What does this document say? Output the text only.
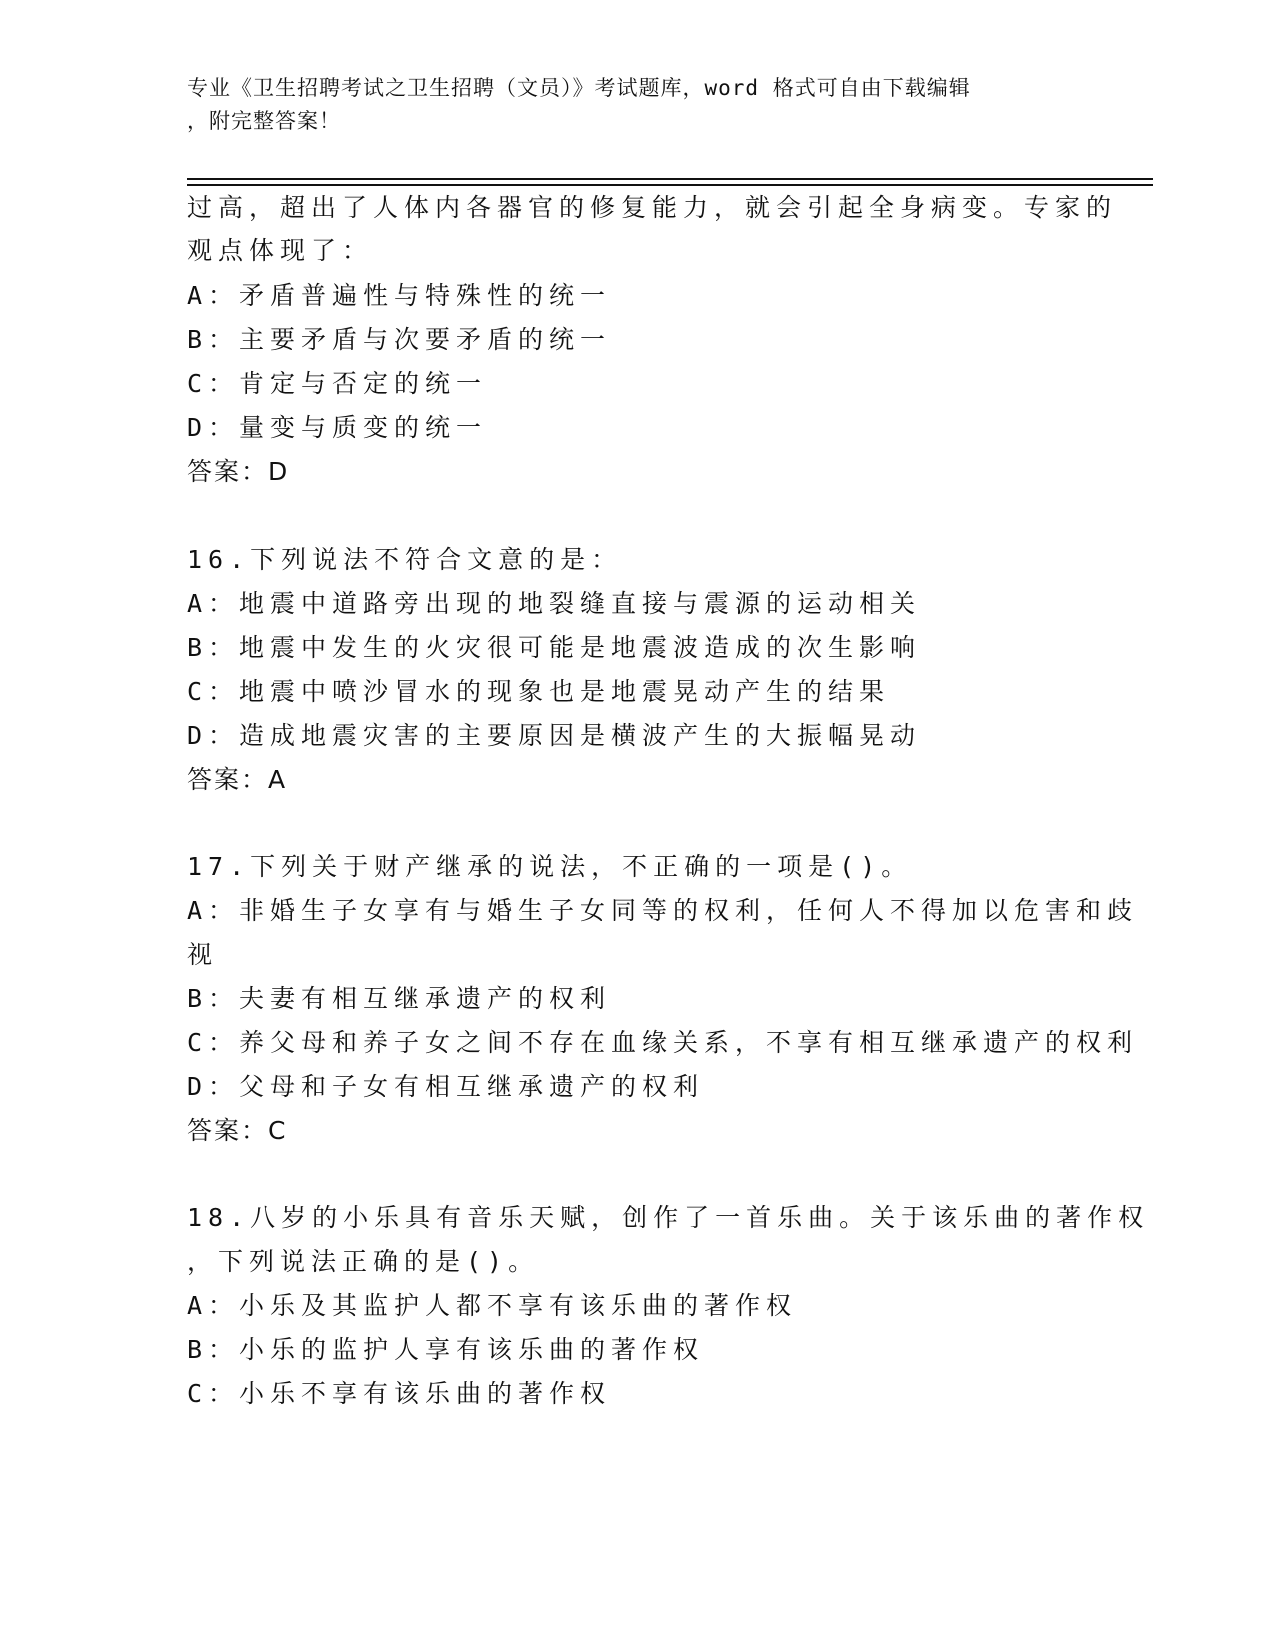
专业《卫生招聘考试之卫生招聘（文员）》考试题库，word 格式可自由下载编辑
，附完整答案！
过高，超出了人体内各器官的修复能力，就会引起全身病变。专家的
观点体现了：
A：矛盾普遍性与特殊性的统一
B：主要矛盾与次要矛盾的统一
C：肯定与否定的统一
D：量变与质变的统一
答案：D
16.下列说法不符合文意的是：
A：地震中道路旁出现的地裂缝直接与震源的运动相关
B：地震中发生的火灾很可能是地震波造成的次生影响
C：地震中喷沙冒水的现象也是地震晃动产生的结果
D：造成地震灾害的主要原因是横波产生的大振幅晃动
答案：A
17.下列关于财产继承的说法，不正确的一项是()。
A：非婚生子女享有与婚生子女同等的权利，任何人不得加以危害和歧
视
B：夫妻有相互继承遗产的权利
C：养父母和养子女之间不存在血缘关系，不享有相互继承遗产的权利
D：父母和子女有相互继承遗产的权利
答案：C
18.八岁的小乐具有音乐天赋，创作了一首乐曲。关于该乐曲的著作权
，下列说法正确的是()。
A：小乐及其监护人都不享有该乐曲的著作权
B：小乐的监护人享有该乐曲的著作权
C：小乐不享有该乐曲的著作权
